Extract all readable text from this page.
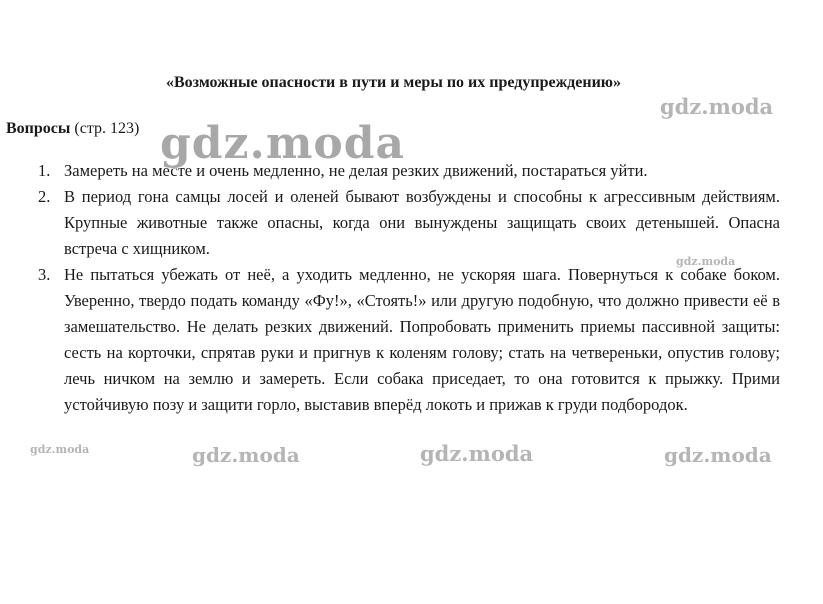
«Возможные опасности в пути и меры по их предупреждению»
Вопросы (стр. 123)
1. Замереть на месте и очень медленно, не делая резких движений, постараться уйти.
2. В период гона самцы лосей и оленей бывают возбуждены и способны к агрессивным действиям. Крупные животные также опасны, когда они вынуждены защищать своих детенышей. Опасна встреча с хищником.
3. Не пытаться убежать от неё, а уходить медленно, не ускоряя шага. Повернуться к собаке боком. Уверенно, твердо подать команду «Фу!», «Стоять!» или другую подобную, что должно привести её в замешательство. Не делать резких движений. Попробовать применить приемы пассивной защиты: сесть на корточки, спрятав руки и пригнув к коленям голову; стать на четвереньки, опустив голову; лечь ничком на землю и замереть. Если собака приседает, то она готовится к прыжку. Прими устойчивую позу и защити горло, выставив вперёд локоть и прижав к груди подбородок.
gdz.moda
gdz.moda
gdz.moda
gdz.moda	gdz.moda	gdz.moda	gdz.moda
